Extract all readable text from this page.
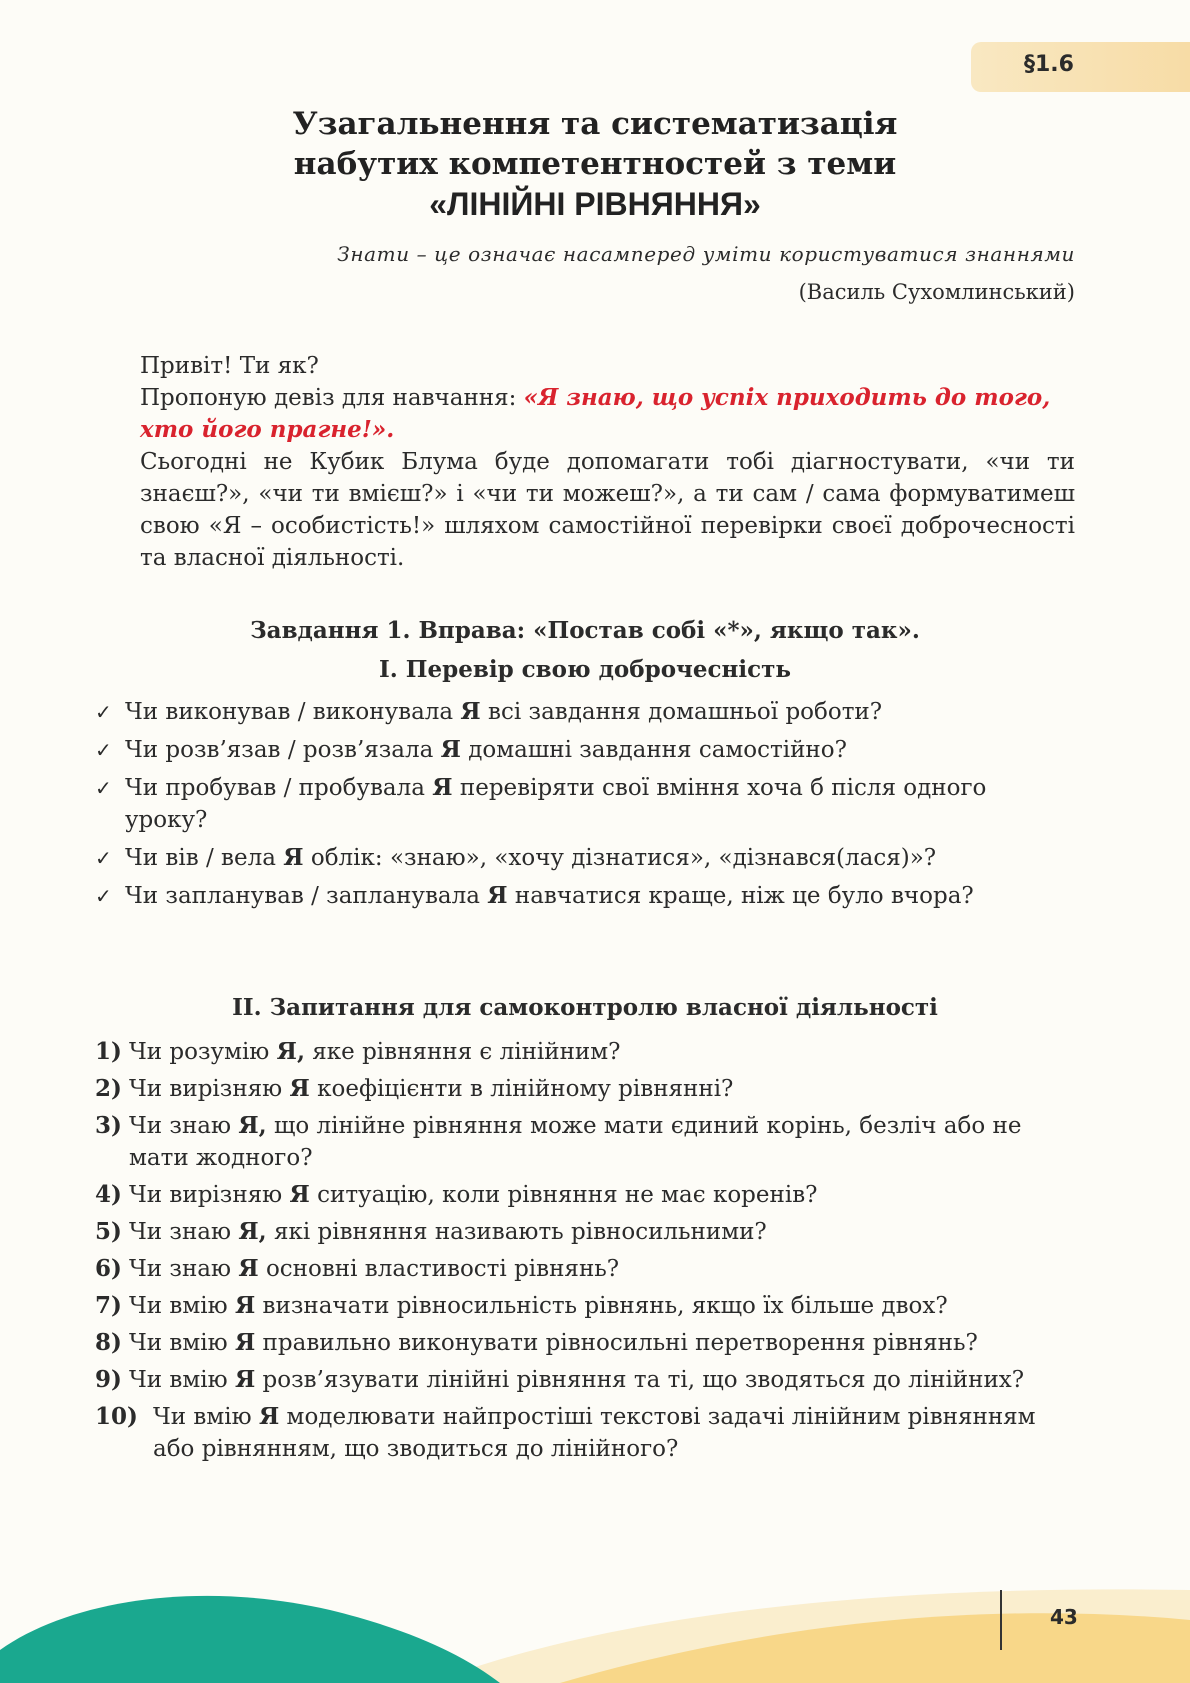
§1.6
Узагальнення та систематизація
набутих компетентностей з теми
«ЛІНІЙНІ РІВНЯННЯ»
Знати – це означає насамперед уміти користуватися знаннями
(Василь Сухомлинський)
Привіт! Ти як?
Пропоную девіз для навчання: «Я знаю, що успіх приходить до того, хто його прагне!».
Сьогодні не Кубик Блума буде допомагати тобі діагностувати, «чи ти знаєш?», «чи ти вмієш?» і «чи ти можеш?», а ти сам / сама формуватимеш свою «Я – особистість!» шляхом самостійної перевірки своєї доброчесності та власної діяльності.
Завдання 1. Вправа: «Постав собі «*», якщо так».
I. Перевір свою доброчесність
✓ Чи виконував / виконувала Я всі завдання домашньої роботи?
✓ Чи розв’язав / розв’язала Я домашні завдання самостійно?
✓ Чи пробував / пробувала Я перевіряти свої вміння хоча б після одного уроку?
✓ Чи вів / вела Я облік: «знаю», «хочу дізнатися», «дізнався(лася)»?
✓ Чи запланував / запланувала Я навчатися краще, ніж це було вчора?
II. Запитання для самоконтролю власної діяльності
1) Чи розумію Я, яке рівняння є лінійним?
2) Чи вирізняю Я коефіцієнти в лінійному рівнянні?
3) Чи знаю Я, що лінійне рівняння може мати єдиний корінь, безліч або не мати жодного?
4) Чи вирізняю Я ситуацію, коли рівняння не має коренів?
5) Чи знаю Я, які рівняння називають рівносильними?
6) Чи знаю Я основні властивості рівнянь?
7) Чи вмію Я визначати рівносильність рівнянь, якщо їх більше двох?
8) Чи вмію Я правильно виконувати рівносильні перетворення рівнянь?
9) Чи вмію Я розв’язувати лінійні рівняння та ті, що зводяться до лінійних?
10) Чи вмію Я моделювати найпростіші текстові задачі лінійним рівнянням або рівнянням, що зводиться до лінійного?
43
